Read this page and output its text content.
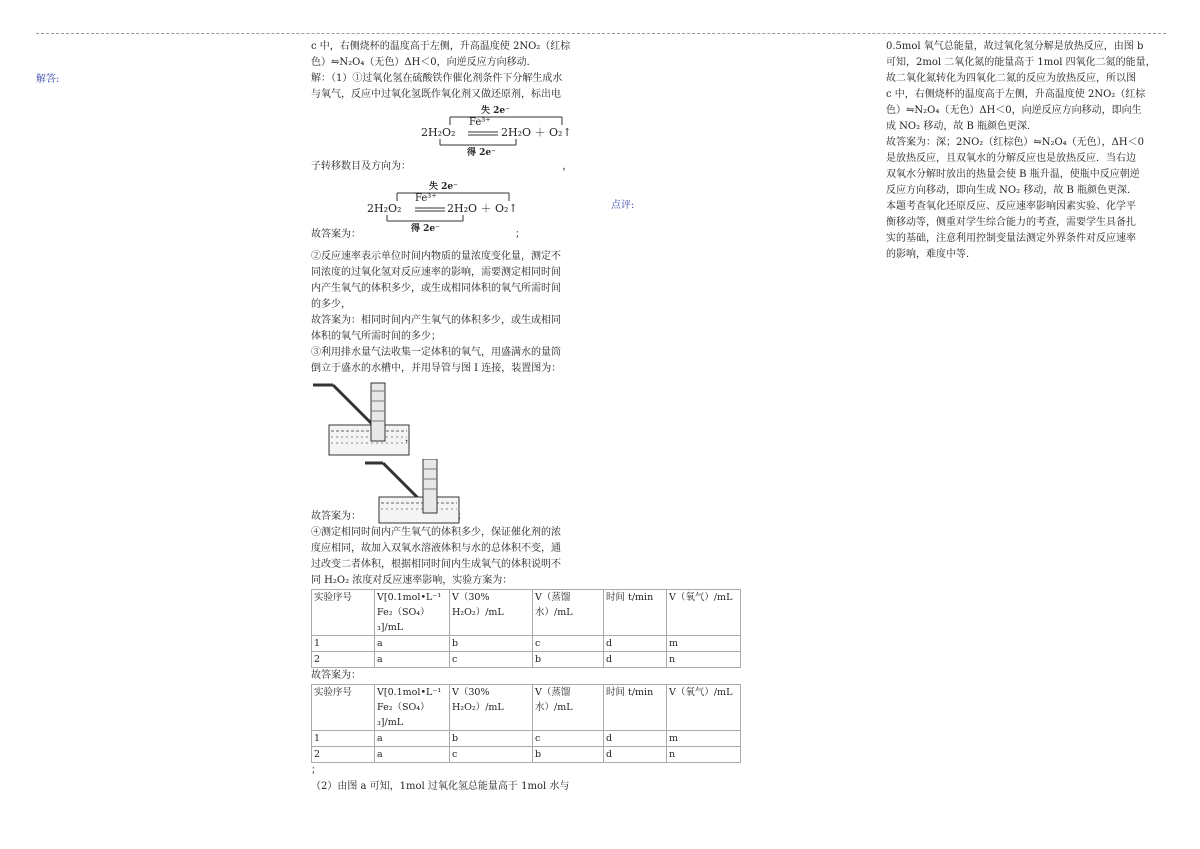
解答:
点评:
c 中，右侧烧杯的温度高于左侧，升高温度使 2NO₂（红棕
色）⇋N₂O₄（无色）ΔH＜0，向逆反应方向移动．
解：（1）①过氧化氢在硫酸铁作催化剂条件下分解生成水
与氧气，反应中过氧化氢既作氧化剂又做还原剂，标出电
失 2e⁻
Fe³⁺
2H₂O₂	2H₂O ＋ O₂↑
得 2e⁻
子转移数目及方向为：	，
失 2e⁻
Fe³⁺
2H₂O₂	2H₂O ＋ O₂↑
得 2e⁻
故答案为：	；
②反应速率表示单位时间内物质的量浓度变化量，测定不
同浓度的过氧化氢对反应速率的影响，需要测定相同时间
内产生氧气的体积多少，或生成相同体积的氧气所需时间
的多少，
故答案为：相同时间内产生氧气的体积多少，或生成相同
体积的氧气所需时间的多少；
③利用排水量气法收集一定体积的氧气，用盛满水的量筒
倒立于盛水的水槽中，并用导管与图 I 连接，装置图为：
，
故答案为：	；
④测定相同时间内产生氧气的体积多少，保证催化剂的浓
度应相同，故加入双氧水溶液体积与水的总体积不变，通
过改变二者体积，根据相同时间内生成氧气的体积说明不
同 H₂O₂ 浓度对反应速率影响，实验方案为：
实验序号	V[0.1mol•L⁻¹ Fe₂（SO₄）₃]/mL	V（30% H₂O₂）/mL	V（蒸馏水）/mL	时间 t/min	V（氧气）/mL
1	a	b	c	d	m
2	a	c	b	d	n
故答案为：
实验序号	V[0.1mol•L⁻¹ Fe₂（SO₄）₃]/mL	V（30% H₂O₂）/mL	V（蒸馏水）/mL	时间 t/min	V（氧气）/mL
1	a	b	c	d	m
2	a	c	b	d	n
；
（2）由图 a 可知，1mol 过氧化氢总能量高于 1mol 水与
0.5mol 氧气总能量，故过氧化氢分解是放热反应，由图 b
可知，2mol 二氧化氮的能量高于 1mol 四氧化二氮的能量，
故二氧化氮转化为四氧化二氮的反应为放热反应，所以图
c 中，右侧烧杯的温度高于左侧，升高温度使 2NO₂（红棕
色）⇋N₂O₄（无色）ΔH＜0，向逆反应方向移动，即向生
成 NO₂ 移动，故 B 瓶颜色更深．
故答案为：深；2NO₂（红棕色）⇋N₂O₄（无色），ΔH＜0
是放热反应，且双氧水的分解反应也是放热反应．当右边
双氧水分解时放出的热量会使 B 瓶升温，使瓶中反应朝逆
反应方向移动，即向生成 NO₂ 移动，故 B 瓶颜色更深．
本题考查氧化还原反应、反应速率影响因素实验、化学平
衡移动等，侧重对学生综合能力的考查，需要学生具备扎
实的基础，注意利用控制变量法测定外界条件对反应速率
的影响，难度中等．
